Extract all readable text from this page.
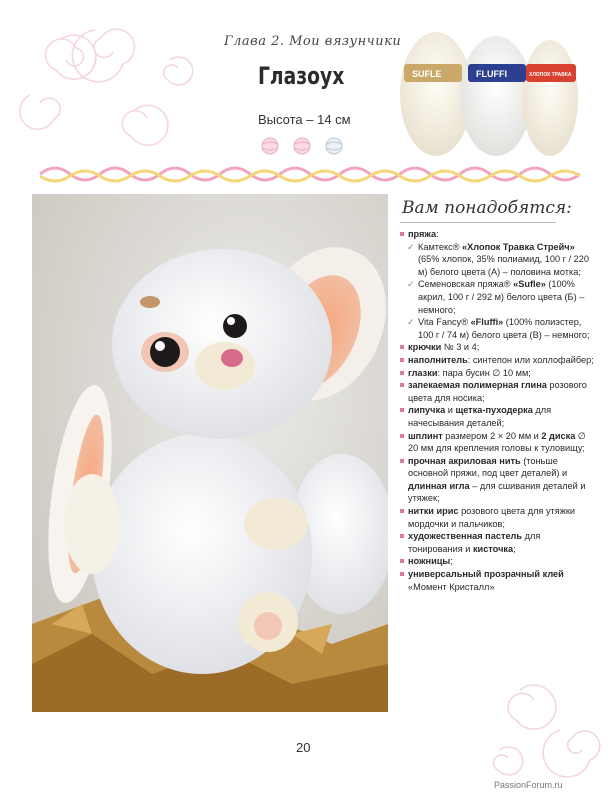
Глава 2. Мои вязунчики
Глазоух
Высота – 14 см
SUFLE	FLUFFI	ХЛОПОК ТРАВКА
Вам понадобятся:
пряжа:
✓ Камтекс® «Хлопок Травка Стрейч» (65% хлопок, 35% полиамид, 100 г / 220 м) белого цвета (А) – половина мотка;
✓ Семеновская пряжа® «Sufle» (100% акрил, 100 г / 292 м) белого цвета (Б) – немного;
✓ Vita Fancy® «Fluffi» (100% полиэстер, 100 г / 74 м) белого цвета (В) – немного;
крючки № 3 и 4;
наполнитель: синтепон или холлофайбер;
глазки: пара бусин ∅ 10 мм;
запекаемая полимерная глина розового цвета для носика;
липучка и щетка-пуходерка для начесывания деталей;
шплинт размером 2 × 20 мм и 2 диска ∅ 20 мм для крепления головы к туловищу;
прочная акриловая нить (тоньше основной пряжи, под цвет деталей) и длинная игла – для сшивания деталей и утяжек;
нитки ирис розового цвета для утяжки мордочки и пальчиков;
художественная пастель для тонирования и кисточка;
ножницы;
универсальный прозрачный клей «Момент Кристалл»
20
PassionForum.ru
